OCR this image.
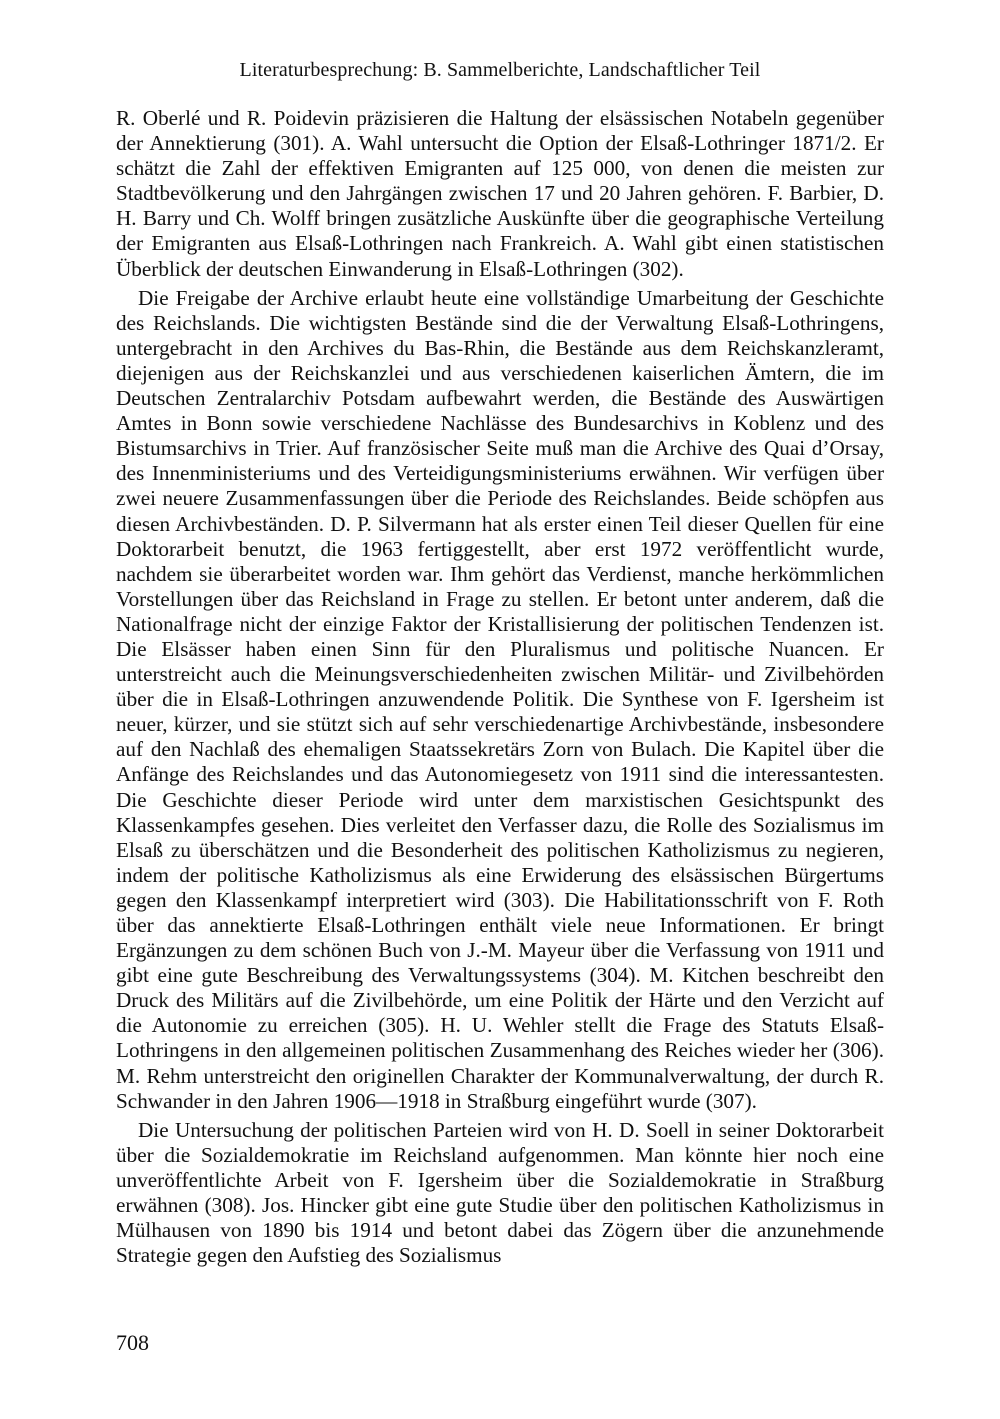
Literaturbesprechung: B. Sammelberichte, Landschaftlicher Teil

R. Oberlé und R. Poidevin präzisieren die Haltung der elsässischen Notabeln gegenüber der Annektierung (301). A. Wahl untersucht die Option der Elsaß-Lothringer 1871/2. Er schätzt die Zahl der effektiven Emigranten auf 125 000, von denen die meisten zur Stadtbevölkerung und den Jahrgängen zwischen 17 und 20 Jahren gehören. F. Barbier, D. H. Barry und Ch. Wolff bringen zusätzliche Auskünfte über die geographische Verteilung der Emigranten aus Elsaß-Lothringen nach Frankreich. A. Wahl gibt einen statistischen Überblick der deutschen Einwanderung in Elsaß-Lothringen (302).

Die Freigabe der Archive erlaubt heute eine vollständige Umarbeitung der Geschichte des Reichslands. Die wichtigsten Bestände sind die der Verwaltung Elsaß-Lothringens, untergebracht in den Archives du Bas-Rhin, die Bestände aus dem Reichskanzleramt, diejenigen aus der Reichskanzlei und aus verschiedenen kaiserlichen Ämtern, die im Deutschen Zentralarchiv Potsdam aufbewahrt werden, die Bestände des Auswärtigen Amtes in Bonn sowie verschiedene Nachlässe des Bundesarchivs in Koblenz und des Bistumsarchivs in Trier. Auf französischer Seite muß man die Archive des Quai d’Orsay, des Innenministeriums und des Verteidigungsministeriums erwähnen. Wir verfügen über zwei neuere Zusammenfassungen über die Periode des Reichslandes. Beide schöpfen aus diesen Archivbeständen. D. P. Silvermann hat als erster einen Teil dieser Quellen für eine Doktorarbeit benutzt, die 1963 fertiggestellt, aber erst 1972 veröffentlicht wurde, nachdem sie überarbeitet worden war. Ihm gehört das Verdienst, manche herkömmlichen Vorstellungen über das Reichsland in Frage zu stellen. Er betont unter anderem, daß die Nationalfrage nicht der einzige Faktor der Kristallisierung der politischen Tendenzen ist. Die Elsässer haben einen Sinn für den Pluralismus und politische Nuancen. Er unterstreicht auch die Meinungsverschiedenheiten zwischen Militär- und Zivilbehörden über die in Elsaß-Lothringen anzuwendende Politik. Die Synthese von F. Igersheim ist neuer, kürzer, und sie stützt sich auf sehr verschiedenartige Archivbestände, insbesondere auf den Nachlaß des ehemaligen Staatssekretärs Zorn von Bulach. Die Kapitel über die Anfänge des Reichslandes und das Autonomiegesetz von 1911 sind die interessantesten. Die Geschichte dieser Periode wird unter dem marxistischen Gesichtspunkt des Klassenkampfes gesehen. Dies verleitet den Verfasser dazu, die Rolle des Sozialismus im Elsaß zu überschätzen und die Besonderheit des politischen Katholizismus zu negieren, indem der politische Katholizismus als eine Erwiderung des elsässischen Bürgertums gegen den Klassenkampf interpretiert wird (303). Die Habilitationsschrift von F. Roth über das annektierte Elsaß-Lothringen enthält viele neue Informationen. Er bringt Ergänzungen zu dem schönen Buch von J.-M. Mayeur über die Verfassung von 1911 und gibt eine gute Beschreibung des Verwaltungssystems (304). M. Kitchen beschreibt den Druck des Militärs auf die Zivilbehörde, um eine Politik der Härte und den Verzicht auf die Autonomie zu erreichen (305). H. U. Wehler stellt die Frage des Statuts Elsaß-Lothringens in den allgemeinen politischen Zusammenhang des Reiches wieder her (306). M. Rehm unterstreicht den originellen Charakter der Kommunalverwaltung, der durch R. Schwander in den Jahren 1906—1918 in Straßburg eingeführt wurde (307).

Die Untersuchung der politischen Parteien wird von H. D. Soell in seiner Doktorarbeit über die Sozialdemokratie im Reichsland aufgenommen. Man könnte hier noch eine unveröffentlichte Arbeit von F. Igersheim über die Sozialdemokratie in Straßburg erwähnen (308). Jos. Hincker gibt eine gute Studie über den politischen Katholizismus in Mülhausen von 1890 bis 1914 und betont dabei das Zögern über die anzunehmende Strategie gegen den Aufstieg des Sozialismus

708
